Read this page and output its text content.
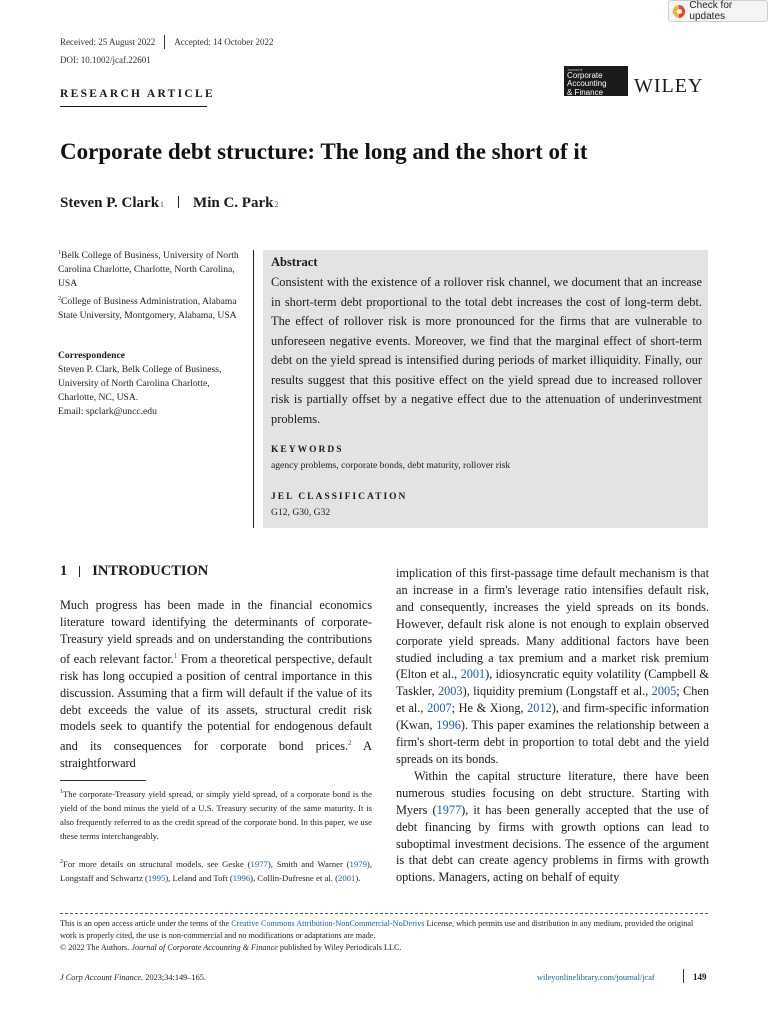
Check for updates
Received: 25 August 2022 Accepted: 14 October 2022
DOI: 10.1002/jcaf.22601
RESEARCH ARTICLE
Journal of
Corporate
Accounting
& Finance	WILEY
Corporate debt structure: The long and the short of it
Steven P. Clark 1 Min C. Park 2
$^1$Belk College of Business, University of North Carolina Charlotte, Charlotte, North Carolina, USA
$^2$College of Business Administration, Alabama State University, Montgomery, Alabama, USA
Correspondence
Steven P. Clark, Belk College of Business,
University of North Carolina Charlotte,
Charlotte, NC, USA.
Email: spclark@uncc.edu
Abstract
Consistent with the existence of a rollover risk channel, we document that an increase in short-term debt proportional to the total debt increases the cost of long-term debt. The effect of rollover risk is more pronounced for the firms that are vulnerable to unforeseen negative events. Moreover, we find that the marginal effect of short-term debt on the yield spread is intensified during periods of market illiquidity. Finally, our results suggest that this positive effect on the yield spread due to increased rollover risk is partially offset by a negative effect due to the attenuation of underinvestment problems.
KEYWORDS
agency problems, corporate bonds, debt maturity, rollover risk
JEL CLASSIFICATION
G12, G30, G32
1 INTRODUCTION
Much progress has been made in the financial economics literature toward identifying the determinants of corporate-Treasury yield spreads and on understanding the contributions of each relevant factor.$^1$ From a theoretical perspective, default risk has long occupied a position of central importance in this discussion. Assuming that a firm will default if the value of its debt exceeds the value of its assets, structural credit risk models seek to quantify the potential for endogenous default and its consequences for corporate bond prices.$^2$ A straightforward
$^1$The corporate-Treasury yield spread, or simply yield spread, of a corporate bond is the yield of the bond minus the yield of a U.S. Treasury security of the same maturity. It is also frequently referred to as the credit spread of the corporate bond. In this paper, we use these terms interchangeably.
$^2$For more details on structural models, see Geske (1977), Smith and Warner (1979), Longstaff and Schwartz (1995), Leland and Toft (1996), Collin-Dufresne et al. (2001).
implication of this first-passage time default mechanism is that an increase in a firm's leverage ratio intensifies default risk, and consequently, increases the yield spreads on its bonds. However, default risk alone is not enough to explain observed corporate yield spreads. Many additional factors have been studied including a tax premium and a market risk premium (Elton et al., 2001), idiosyncratic equity volatility (Campbell & Taskler, 2003), liquidity premium (Longstaff et al., 2005; Chen et al., 2007; He & Xiong, 2012), and firm-specific information (Kwan, 1996). This paper examines the relationship between a firm's short-term debt in proportion to total debt and the yield spreads on its bonds.
Within the capital structure literature, there have been numerous studies focusing on debt structure. Starting with Myers (1977), it has been generally accepted that the use of debt financing by firms with growth options can lead to suboptimal investment decisions. The essence of the argument is that debt can create agency problems in firms with growth options. Managers, acting on behalf of equity
This is an open access article under the terms of the Creative Commons Attribution-NonCommercial-NoDerivs License, which permits use and distribution in any medium, provided the original work is properly cited, the use is non-commercial and no modifications or adaptations are made.
© 2022 The Authors. Journal of Corporate Accounting & Finance published by Wiley Periodicals LLC.
J Corp Account Finance. 2023;34:149–165.	wileyonlinelibrary.com/journal/jcaf	149
